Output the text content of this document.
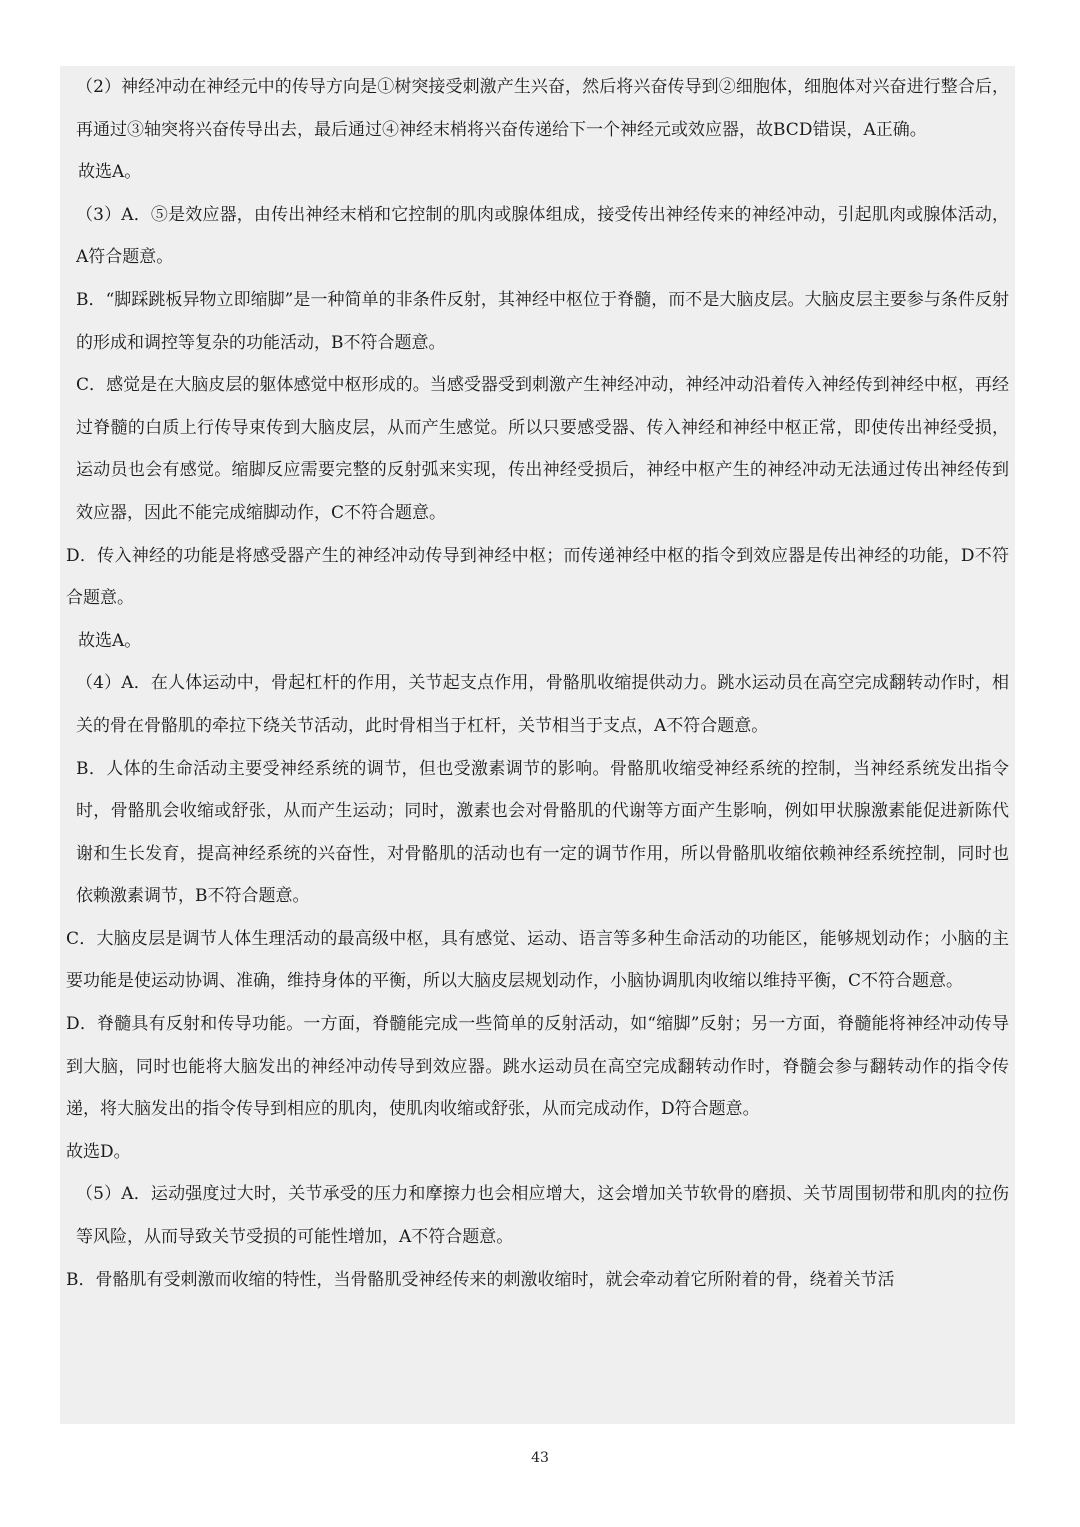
（2）神经冲动在神经元中的传导方向是①树突接受刺激产生兴奋，然后将兴奋传导到②细胞体，细胞体对兴奋进行整合后，再通过③轴突将兴奋传导出去，最后通过④神经末梢将兴奋传递给下一个神经元或效应器，故BCD错误，A正确。

故选A。

（3）A．⑤是效应器，由传出神经末梢和它控制的肌肉或腺体组成，接受传出神经传来的神经冲动，引起肌肉或腺体活动，A符合题意。

B．“脚踩跳板异物立即缩脚”是一种简单的非条件反射，其神经中枢位于脊髓，而不是大脑皮层。大脑皮层主要参与条件反射的形成和调控等复杂的功能活动，B不符合题意。

C．感觉是在大脑皮层的躯体感觉中枢形成的。当感受器受到刺激产生神经冲动，神经冲动沿着传入神经传到神经中枢，再经过脊髓的白质上行传导束传到大脑皮层，从而产生感觉。所以只要感受器、传入神经和神经中枢正常，即使传出神经受损，运动员也会有感觉。缩脚反应需要完整的反射弧来实现，传出神经受损后，神经中枢产生的神经冲动无法通过传出神经传到效应器，因此不能完成缩脚动作，C不符合题意。

D．传入神经的功能是将感受器产生的神经冲动传导到神经中枢；而传递神经中枢的指令到效应器是传出神经的功能，D不符合题意。

故选A。

（4）A．在人体运动中，骨起杠杆的作用，关节起支点作用，骨骼肌收缩提供动力。跳水运动员在高空完成翻转动作时，相关的骨在骨骼肌的牵拉下绕关节活动，此时骨相当于杠杆，关节相当于支点，A不符合题意。

B．人体的生命活动主要受神经系统的调节，但也受激素调节的影响。骨骼肌收缩受神经系统的控制，当神经系统发出指令时，骨骼肌会收缩或舒张，从而产生运动；同时，激素也会对骨骼肌的代谢等方面产生影响，例如甲状腺激素能促进新陈代谢和生长发育，提高神经系统的兴奋性，对骨骼肌的活动也有一定的调节作用，所以骨骼肌收缩依赖神经系统控制，同时也依赖激素调节，B不符合题意。

C．大脑皮层是调节人体生理活动的最高级中枢，具有感觉、运动、语言等多种生命活动的功能区，能够规划动作；小脑的主要功能是使运动协调、准确，维持身体的平衡，所以大脑皮层规划动作，小脑协调肌肉收缩以维持平衡，C不符合题意。

D．脊髓具有反射和传导功能。一方面，脊髓能完成一些简单的反射活动，如“缩脚”反射；另一方面，脊髓能将神经冲动传导到大脑，同时也能将大脑发出的神经冲动传导到效应器。跳水运动员在高空完成翻转动作时，脊髓会参与翻转动作的指令传递，将大脑发出的指令传导到相应的肌肉，使肌肉收缩或舒张，从而完成动作，D符合题意。

故选D。

（5）A．运动强度过大时，关节承受的压力和摩擦力也会相应增大，这会增加关节软骨的磨损、关节周围韧带和肌肉的拉伤等风险，从而导致关节受损的可能性增加，A不符合题意。

B．骨骼肌有受刺激而收缩的特性，当骨骼肌受神经传来的刺激收缩时，就会牵动着它所附着的骨，绕着关节活

43
